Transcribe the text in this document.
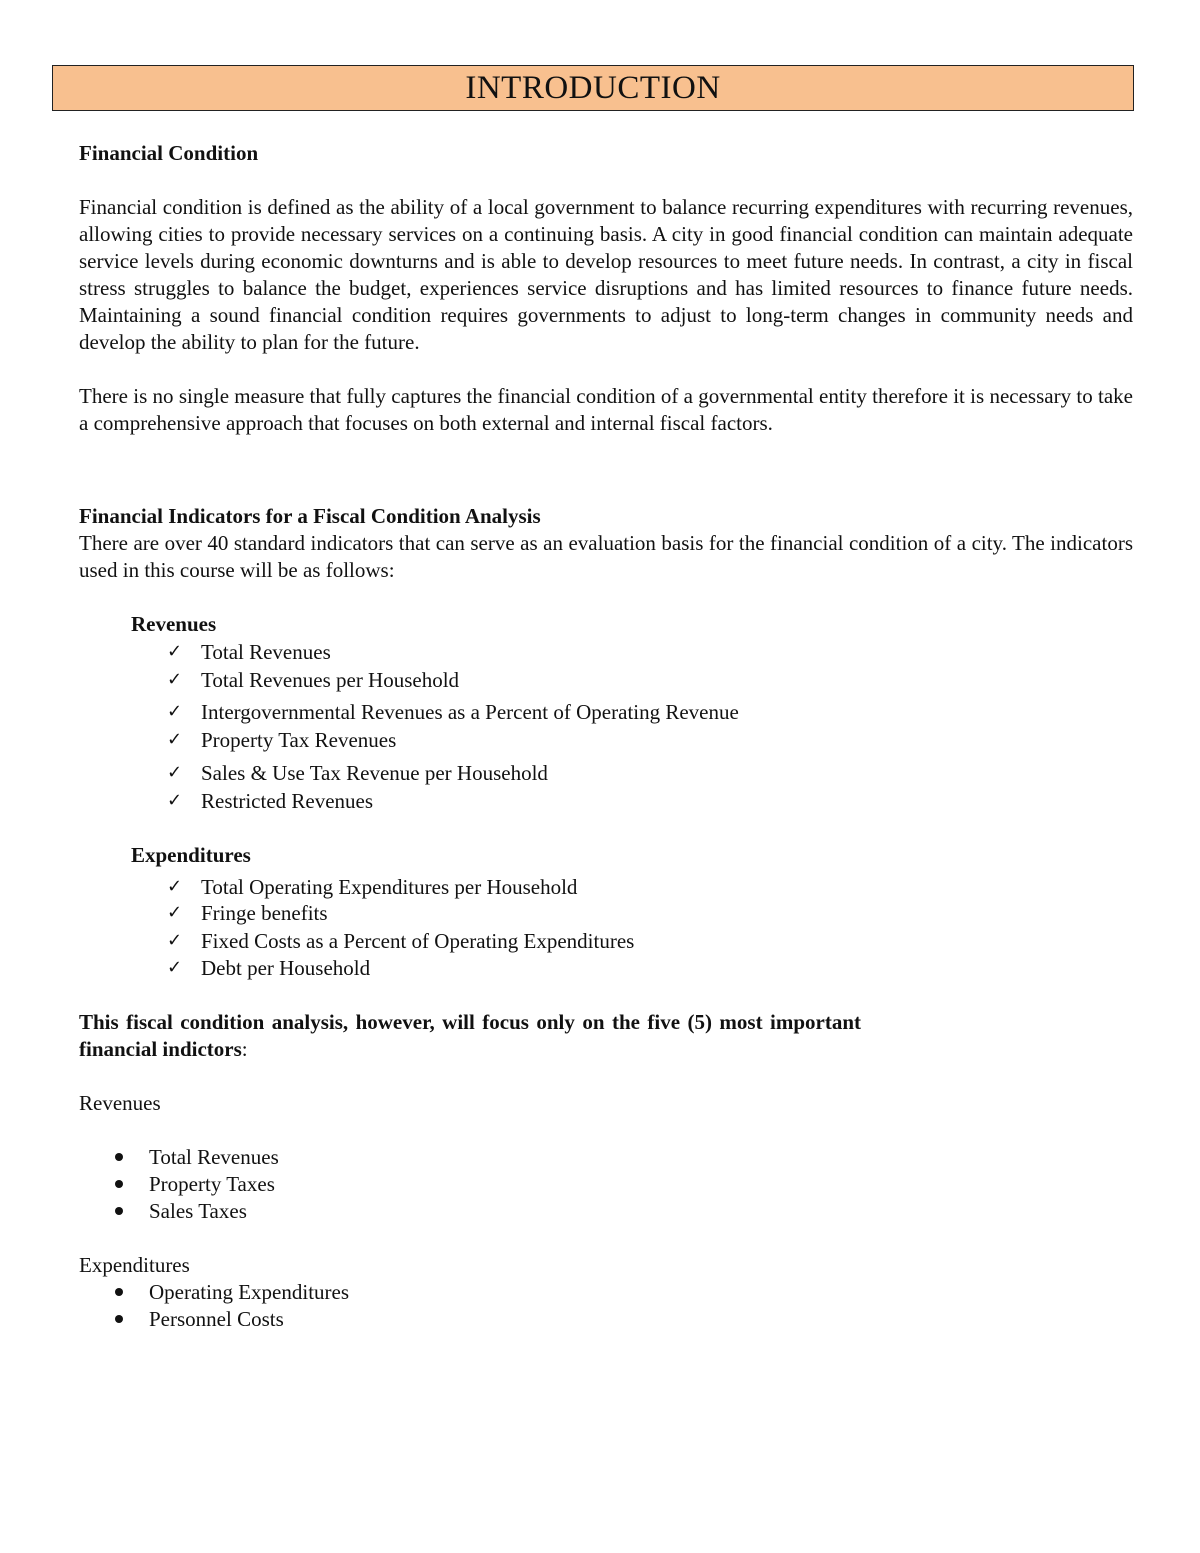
INTRODUCTION
Financial Condition

Financial condition is defined as the ability of a local government to balance recurring expenditures with recurring revenues, allowing cities to provide necessary services on a continuing basis. A city in good financial condition can maintain adequate service levels during economic downturns and is able to develop resources to meet future needs. In contrast, a city in fiscal stress struggles to balance the budget, experiences service disruptions and has limited resources to finance future needs. Maintaining a sound financial condition requires governments to adjust to long-term changes in community needs and develop the ability to plan for the future.

There is no single measure that fully captures the financial condition of a governmental entity therefore it is necessary to take a comprehensive approach that focuses on both external and internal fiscal factors.

Financial Indicators for a Fiscal Condition Analysis

There are over 40 standard indicators that can serve as an evaluation basis for the financial condition of a city. The indicators used in this course will be as follows:

Revenues

✓ Total Revenues
✓ Total Revenues per Household
✓ Intergovernmental Revenues as a Percent of Operating Revenue
✓ Property Tax Revenues
✓ Sales & Use Tax Revenue per Household
✓ Restricted Revenues

Expenditures

✓ Total Operating Expenditures per Household
✓ Fringe benefits
✓ Fixed Costs as a Percent of Operating Expenditures
✓ Debt per Household

This fiscal condition analysis, however, will focus only on the five (5) most important financial indictors:

Revenues

Total Revenues
Property Taxes
Sales Taxes

Expenditures

Operating Expenditures
Personnel Costs
